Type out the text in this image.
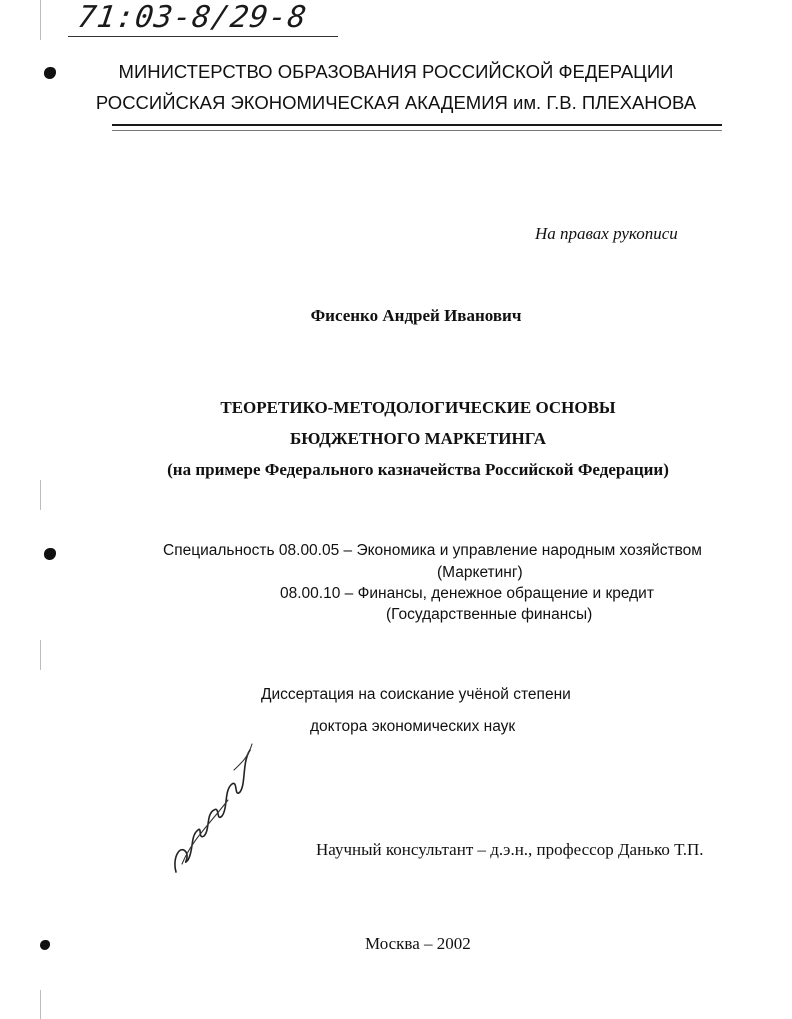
71:03-8/29-8
МИНИСТЕРСТВО ОБРАЗОВАНИЯ РОССИЙСКОЙ ФЕДЕРАЦИИ
РОССИЙСКАЯ ЭКОНОМИЧЕСКАЯ АКАДЕМИЯ им. Г.В. ПЛЕХАНОВА
На правах рукописи
Фисенко Андрей Иванович
ТЕОРЕТИКО-МЕТОДОЛОГИЧЕСКИЕ ОСНОВЫ
БЮДЖЕТНОГО МАРКЕТИНГА
(на примере Федерального казначейства Российской Федерации)
Специальность 08.00.05 – Экономика и управление народным хозяйством
(Маркетинг)
08.00.10 – Финансы, денежное обращение и кредит
(Государственные финансы)
Диссертация на соискание учёной степени
доктора экономических наук
Научный консультант – д.э.н., профессор Данько Т.П.
Москва – 2002
